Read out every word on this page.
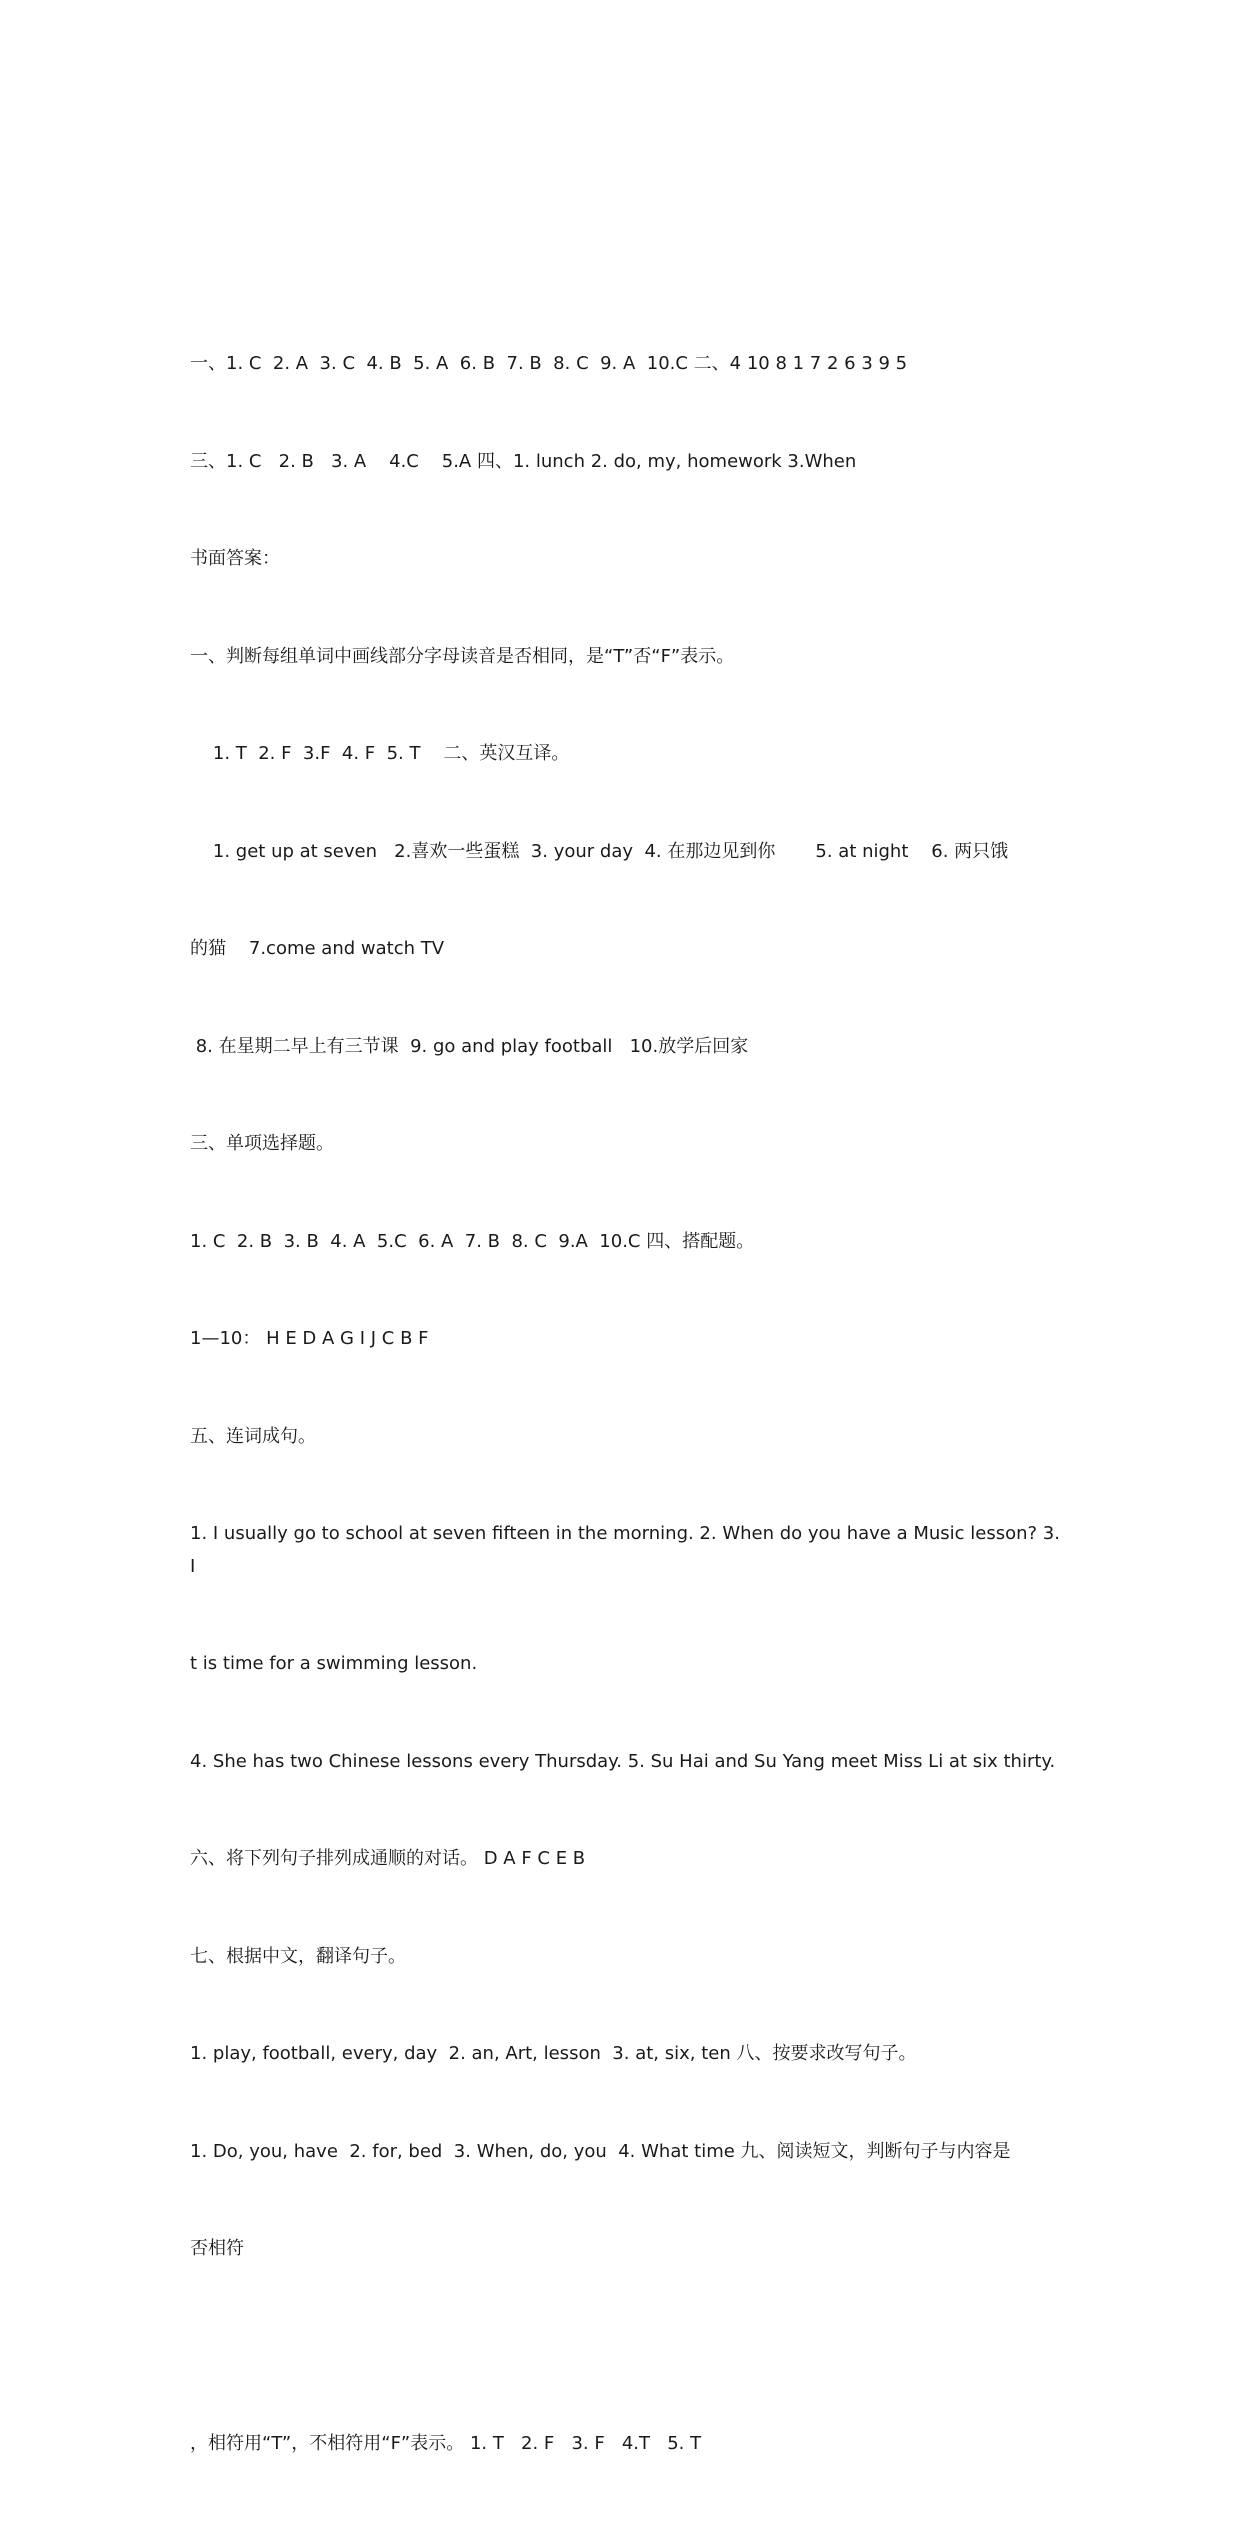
一、1. C  2. A  3. C  4. B  5. A  6. B  7. B  8. C  9. A  10.C 二、4 10 8 1 7 2 6 3 9 5

三、1. C   2. B   3. A    4.C    5.A 四、1. lunch 2. do, my, homework 3.When

书面答案：

一、判断每组单词中画线部分字母读音是否相同，是“T”否“F”表示。

1. T  2. F  3.F  4. F  5. T    二、英汉互译。

1. get up at seven   2.喜欢一些蛋糕  3. your day  4. 在那边见到你       5. at night    6. 两只饿

的猫    7.come and watch TV

8. 在星期二早上有三节课  9. go and play football   10.放学后回家

三、单项选择题。

1. C  2. B  3. B  4. A  5.C  6. A  7. B  8. C  9.A  10.C 四、搭配题。

1—10： H E D A G I J C B F

五、连词成句。

1. I usually go to school at seven fifteen in the morning. 2. When do you have a Music lesson? 3. I

t is time for a swimming lesson.

4. She has two Chinese lessons every Thursday. 5. Su Hai and Su Yang meet Miss Li at six thirty.

六、将下列句子排列成通顺的对话。 D A F C E B

七、根据中文，翻译句子。

1. play, football, every, day  2. an, Art, lesson  3. at, six, ten 八、按要求改写句子。

1. Do, you, have  2. for, bed  3. When, do, you  4. What time 九、阅读短文，判断句子与内容是

否相符

，相符用“T”，不相符用“F”表示。 1. T   2. F   3. F   4.T   5. T
